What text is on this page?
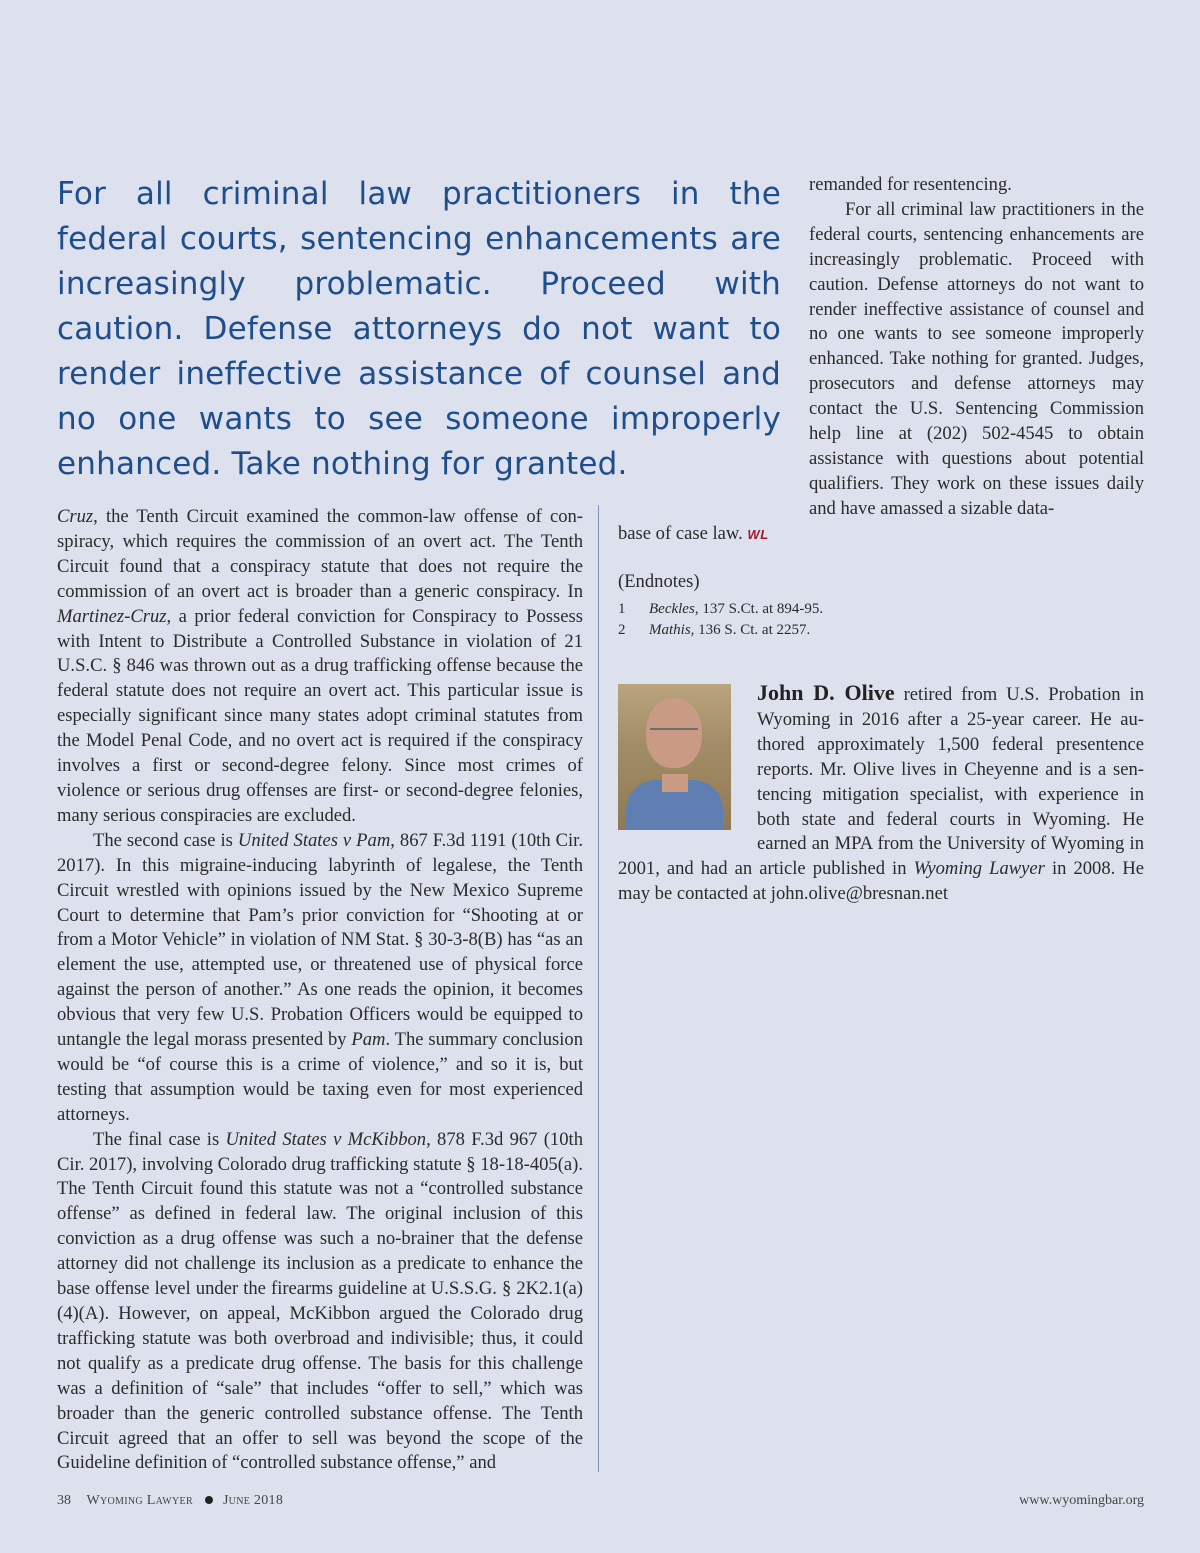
For all criminal law practitioners in the federal courts, sentencing enhancements are increasingly problematic. Proceed with caution. Defense attorneys do not want to render ineffective assistance of counsel and no one wants to see someone improperly enhanced. Take nothing for granted.

remanded for resentencing.

For all criminal law practitioners in the federal courts, sentencing enhancements are increasingly problematic. Proceed with caution. Defense attorneys do not want to render ineffective assistance of counsel and no one wants to see someone improperly enhanced. Take nothing for granted. Judges, prosecutors and defense attorneys may contact the U.S. Sentencing Commission help line at (202) 502-4545 to obtain assistance with questions about potential qualifiers. They work on these issues daily and have amassed a sizable data-

Cruz, the Tenth Circuit examined the common-law offense of conspiracy, which requires the commission of an overt act. The Tenth Circuit found that a conspiracy statute that does not require the commission of an overt act is broader than a generic conspiracy. In Martinez-Cruz, a prior federal conviction for Conspiracy to Possess with Intent to Distribute a Controlled Substance in violation of 21 U.S.C. § 846 was thrown out as a drug trafficking offense because the federal statute does not require an overt act. This particular issue is especially significant since many states adopt criminal statutes from the Model Penal Code, and no overt act is required if the conspiracy involves a first or second-degree felony. Since most crimes of violence or serious drug offenses are first- or second-degree felonies, many serious conspiracies are excluded.

The second case is United States v Pam, 867 F.3d 1191 (10th Cir. 2017). In this migraine-inducing labyrinth of legalese, the Tenth Circuit wrestled with opinions issued by the New Mexico Supreme Court to determine that Pam’s prior conviction for “Shooting at or from a Motor Vehicle” in violation of NM Stat. § 30-3-8(B) has “as an element the use, attempted use, or threatened use of physical force against the person of another.” As one reads the opinion, it becomes obvious that very few U.S. Probation Officers would be equipped to untangle the legal morass presented by Pam. The summary conclusion would be “of course this is a crime of violence,” and so it is, but testing that assumption would be taxing even for most experienced attorneys.

The final case is United States v McKibbon, 878 F.3d 967 (10th Cir. 2017), involving Colorado drug trafficking statute § 18-18-405(a). The Tenth Circuit found this statute was not a “controlled substance offense” as defined in federal law. The original inclusion of this conviction as a drug offense was such a no-brainer that the defense attorney did not challenge its inclusion as a predicate to enhance the base offense level under the firearms guideline at U.S.S.G. § 2K2.1(a)(4)(A). However, on appeal, McKibbon argued the Colorado drug trafficking statute was both overbroad and indivisible; thus, it could not qualify as a predicate drug offense. The basis for this challenge was a definition of “sale” that includes “offer to sell,” which was broader than the generic controlled substance offense. The Tenth Circuit agreed that an offer to sell was beyond the scope of the Guideline definition of “controlled substance offense,” and

base of case law. WL

(Endnotes)

1 Beckles, 137 S.Ct. at 894-95.
2 Mathis, 136 S. Ct. at 2257.
John D. Olive retired from U.S. Probation in Wyoming in 2016 after a 25-year career. He authored approximately 1,500 federal presentence reports. Mr. Olive lives in Cheyenne and is a sentencing mitigation specialist, with experience in both state and federal courts in Wyoming. He earned an MPA from the University of Wyoming in 2001, and had an article published in Wyoming Lawyer in 2008. He may be contacted at john.olive@bresnan.net
38 Wyoming Lawyer June 2018	www.wyomingbar.org
